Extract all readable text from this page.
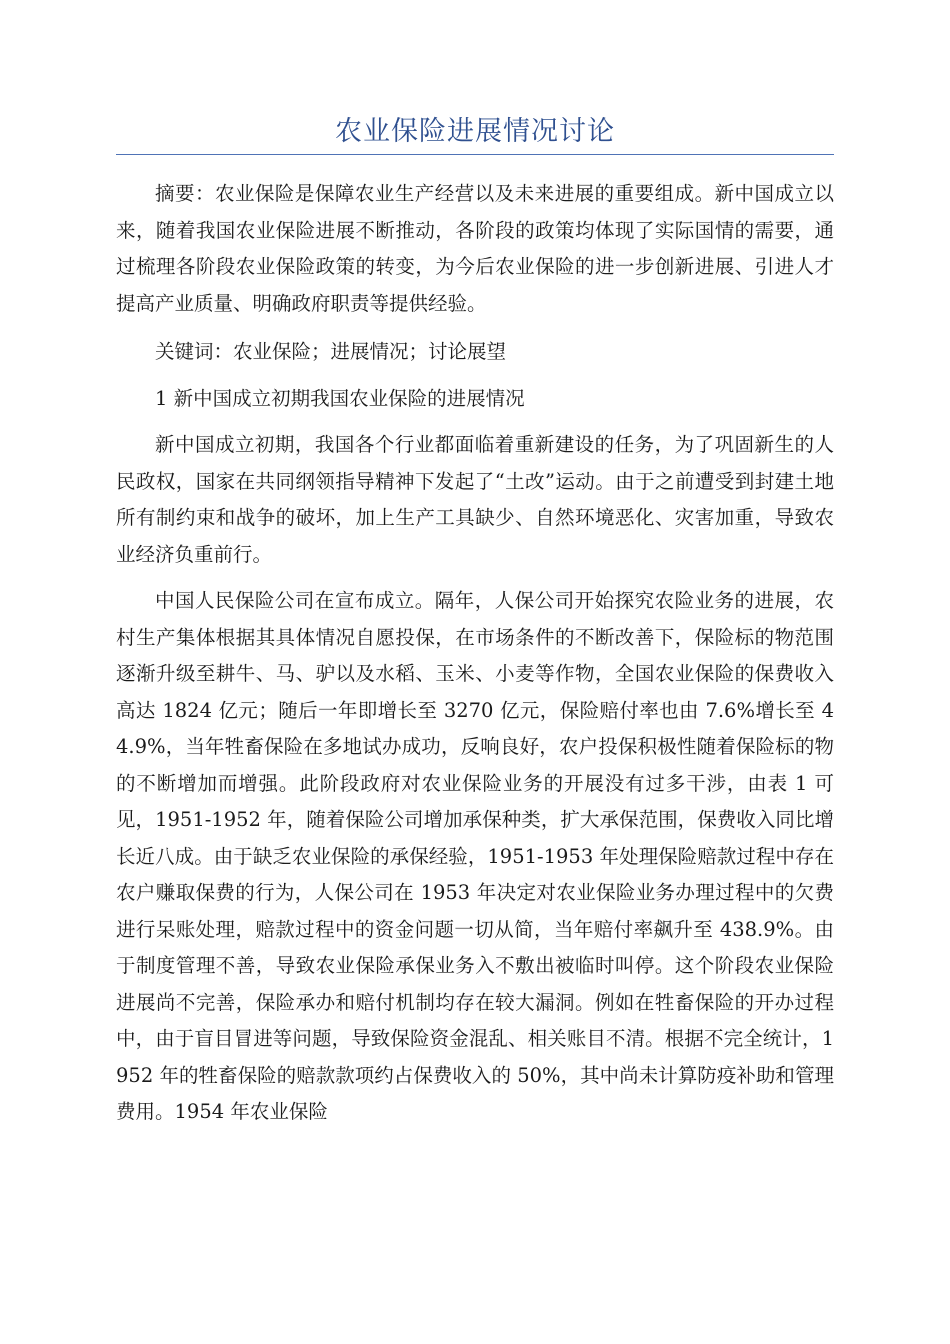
农业保险进展情况讨论

摘要：农业保险是保障农业生产经营以及未来进展的重要组成。新中国成立以来，随着我国农业保险进展不断推动，各阶段的政策均体现了实际国情的需要，通过梳理各阶段农业保险政策的转变，为今后农业保险的进一步创新进展、引进人才提高产业质量、明确政府职责等提供经验。

关键词：农业保险；进展情况；讨论展望

1 新中国成立初期我国农业保险的进展情况

新中国成立初期，我国各个行业都面临着重新建设的任务，为了巩固新生的人民政权，国家在共同纲领指导精神下发起了“土改”运动。由于之前遭受到封建土地所有制约束和战争的破坏，加上生产工具缺少、自然环境恶化、灾害加重，导致农业经济负重前行。

中国人民保险公司在宣布成立。隔年，人保公司开始探究农险业务的进展，农村生产集体根据其具体情况自愿投保，在市场条件的不断改善下，保险标的物范围逐渐升级至耕牛、马、驴以及水稻、玉米、小麦等作物，全国农业保险的保费收入高达 1824 亿元；随后一年即增长至 3270 亿元，保险赔付率也由 7.6%增长至 44.9%，当年牲畜保险在多地试办成功，反响良好，农户投保积极性随着保险标的物的不断增加而增强。此阶段政府对农业保险业务的开展没有过多干涉，由表 1 可见，1951-1952 年，随着保险公司增加承保种类，扩大承保范围，保费收入同比增长近八成。由于缺乏农业保险的承保经验，1951-1953 年处理保险赔款过程中存在农户赚取保费的行为，人保公司在 1953 年决定对农业保险业务办理过程中的欠费进行呆账处理，赔款过程中的资金问题一切从简，当年赔付率飙升至 438.9%。由于制度管理不善，导致农业保险承保业务入不敷出被临时叫停。这个阶段农业保险进展尚不完善，保险承办和赔付机制均存在较大漏洞。例如在牲畜保险的开办过程中，由于盲目冒进等问题，导致保险资金混乱、相关账目不清。根据不完全统计，1952 年的牲畜保险的赔款款项约占保费收入的 50%，其中尚未计算防疫补助和管理费用。1954 年农业保险
